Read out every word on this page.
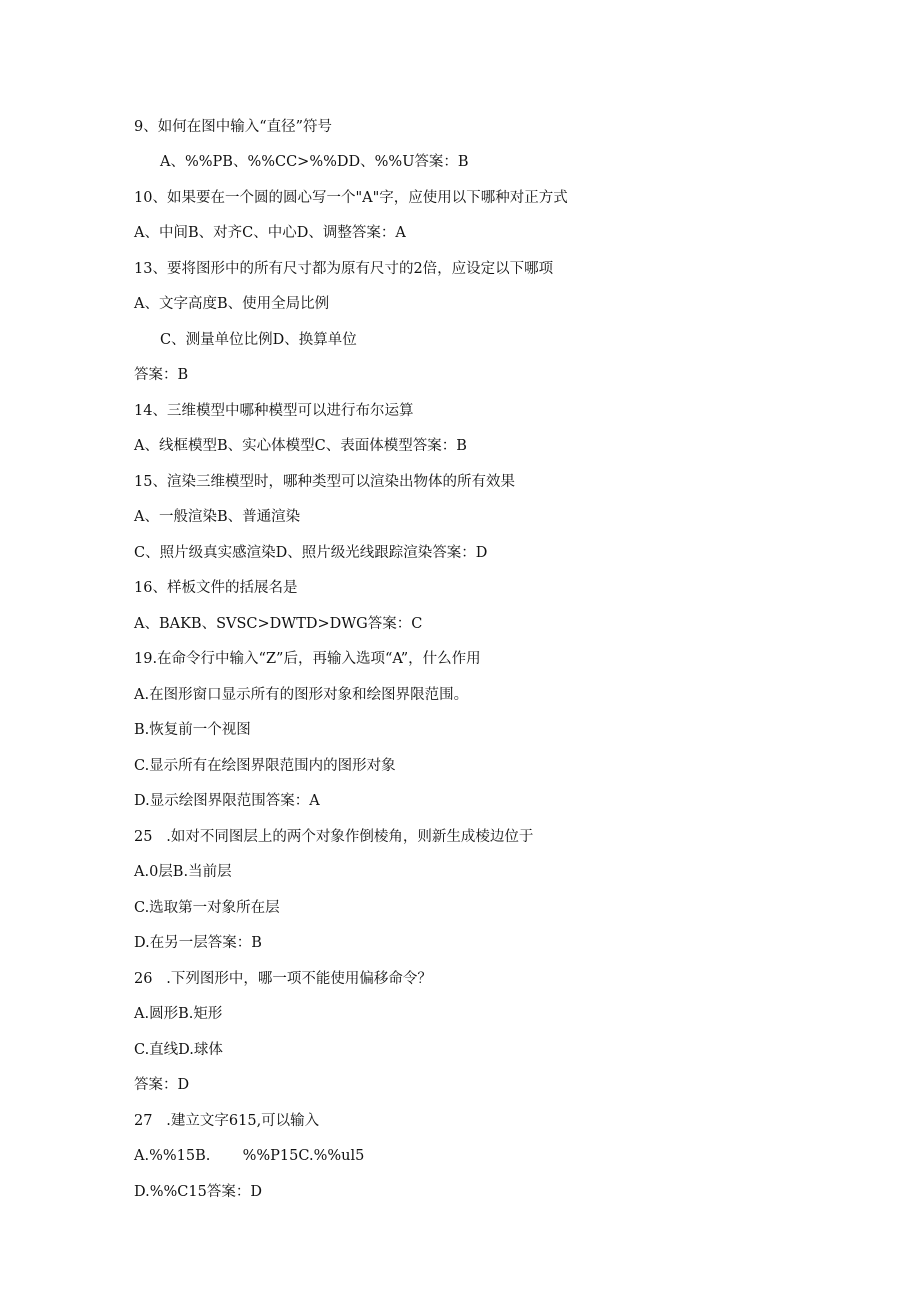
9、如何在图中输入“直径”符号
A、%%PB、%%CC>%%DD、%%U答案：B
10、如果要在一个圆的圆心写一个"A"字，应使用以下哪种对正方式
A、中间B、对齐C、中心D、调整答案：A
13、要将图形中的所有尺寸都为原有尺寸的2倍，应设定以下哪项
A、文字高度B、使用全局比例
C、测量单位比例D、换算单位
答案：B
14、三维模型中哪种模型可以进行布尔运算
A、线框模型B、实心体模型C、表面体模型答案：B
15、渲染三维模型时，哪种类型可以渲染出物体的所有效果
A、一般渲染B、普通渲染
C、照片级真实感渲染D、照片级光线跟踪渲染答案：D
16、样板文件的括展名是
A、BAKB、SVSC>DWTD>DWG答案：C
19.在命令行中输入“Z”后，再输入选项“A”，什么作用
A.在图形窗口显示所有的图形对象和绘图界限范围。
B.恢复前一个视图
C.显示所有在绘图界限范围内的图形对象
D.显示绘图界限范围答案：A
25   .如对不同图层上的两个对象作倒棱角，则新生成棱边位于
A.0层B.当前层
C.选取第一对象所在层
D.在另一层答案：B
26   .下列图形中，哪一项不能使用偏移命令？
A.圆形B.矩形
C.直线D.球体
答案：D
27   .建立文字615,可以输入
A.%%15B.       %%P15C.%%ul5
D.%%C15答案：D
